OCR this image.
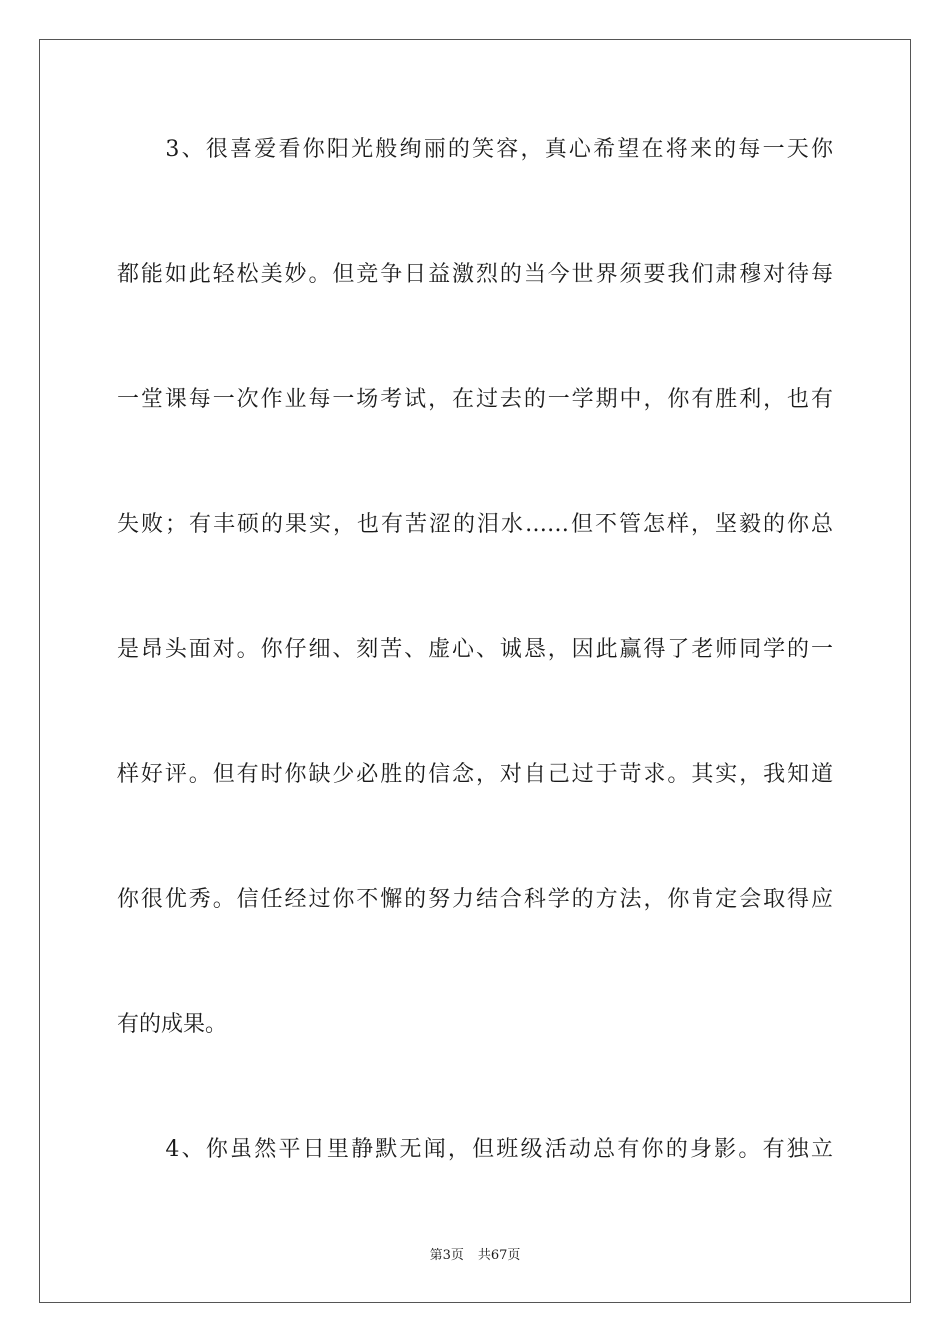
　　3、很喜爱看你阳光般绚丽的笑容，真心希望在将来的每一天你
都能如此轻松美妙。但竞争日益激烈的当今世界须要我们肃穆对待每
一堂课每一次作业每一场考试，在过去的一学期中，你有胜利，也有
失败；有丰硕的果实，也有苦涩的泪水……但不管怎样，坚毅的你总
是昂头面对。你仔细、刻苦、虚心、诚恳，因此赢得了老师同学的一
样好评。但有时你缺少必胜的信念，对自己过于苛求。其实，我知道
你很优秀。信任经过你不懈的努力结合科学的方法，你肯定会取得应
有的成果。
　　4、你虽然平日里静默无闻，但班级活动总有你的身影。有独立
第3页 共67页
